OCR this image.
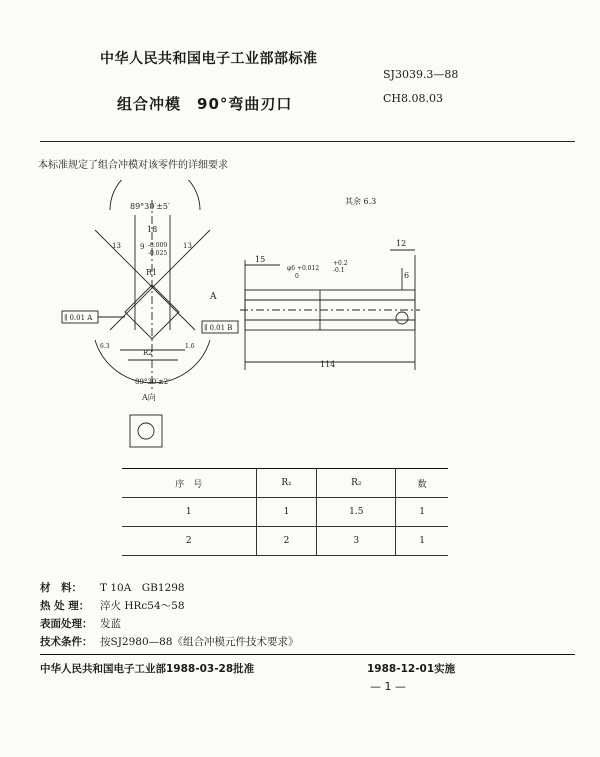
中华人民共和国电子工业部部标准
SJ3039.3—88
组合冲模　90°弯曲刃口	CH8.08.03
本标准规定了组合冲模对该零件的详细要求
89°30′±5′
18
-0.009
-0.025
9
R1
R2
13	13
6.3	1.6
89°30′±2′
∥ 0.01 A
15
12
6
φ6 +0.012
0
+0.2
-0.1
114
A
其余 6.3
∥ 0.01 B
A向
序　号	R₁	R₂	数
1	1	1.5	1
2	2	3	1
材　料： T 10A　GB1298
热 处 理： 淬火 HRc54～58
表面处理： 发蓝
技术条件： 按SJ2980—88《组合冲模元件技术要求》
中华人民共和国电子工业部1988-03-28批准	1988-12-01实施
— 1 —
